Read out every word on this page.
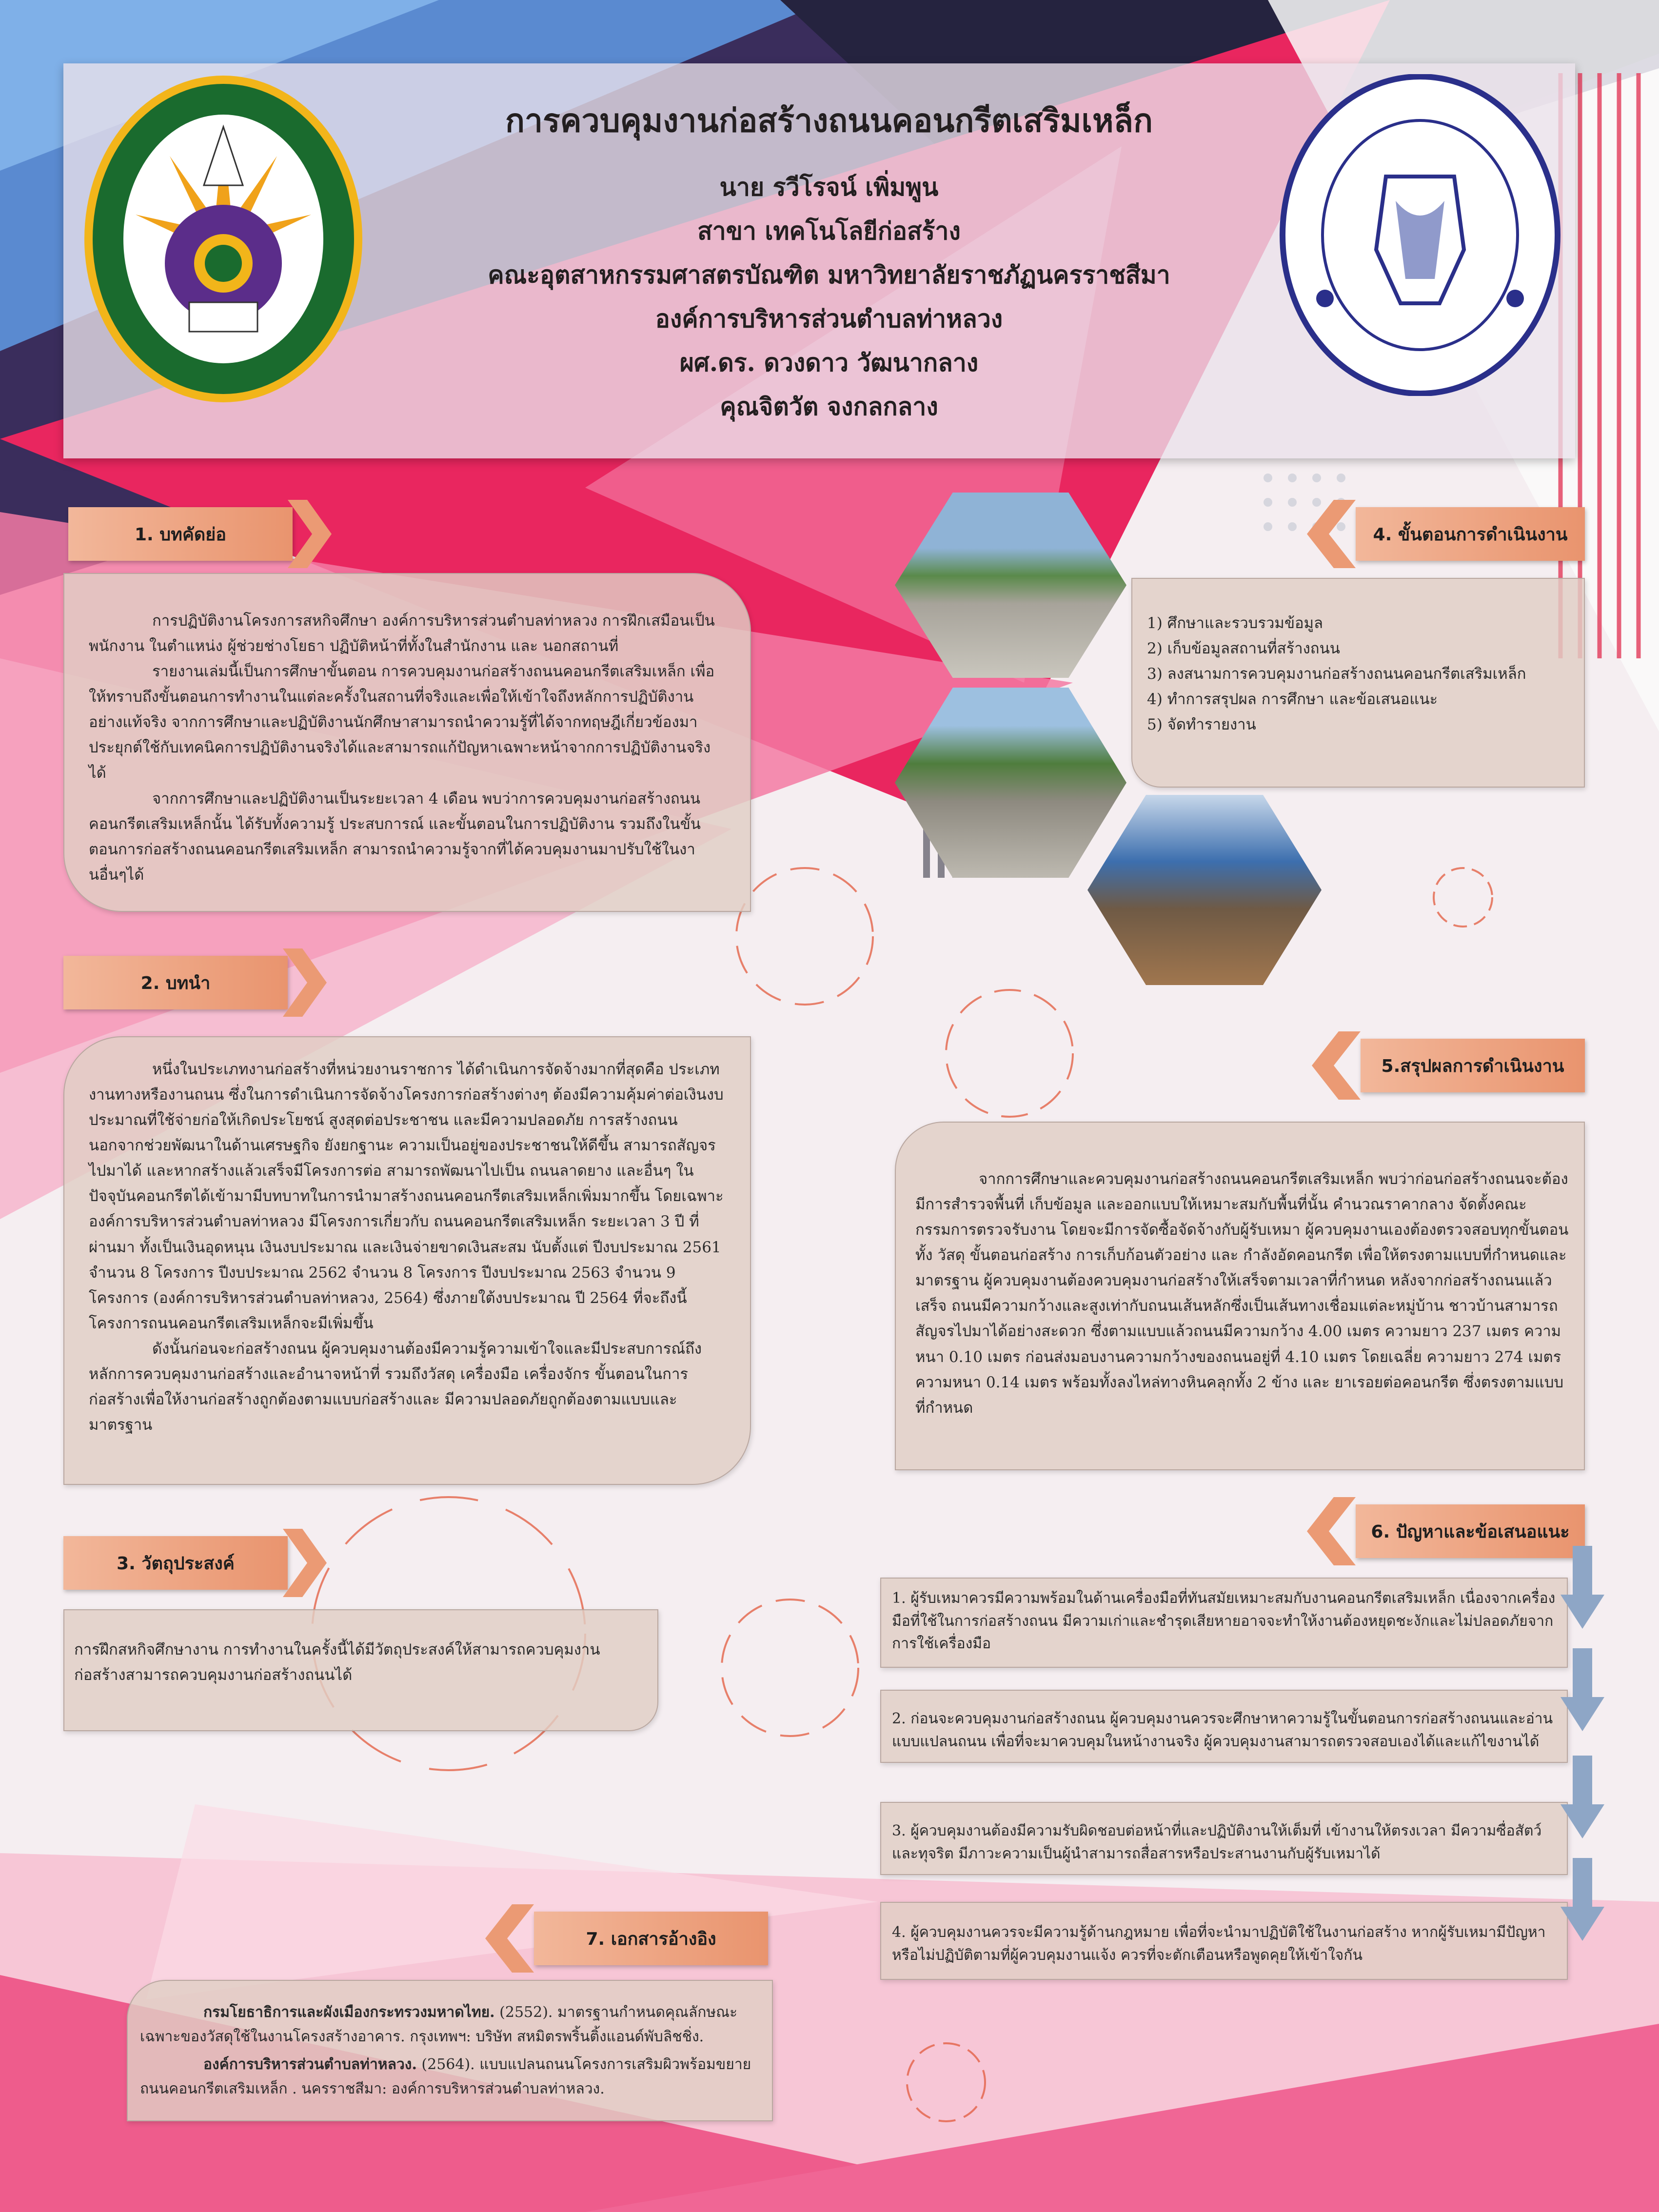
การควบคุมงานก่อสร้างถนนคอนกรีตเสริมเหล็ก
นาย รวีโรจน์ เพิ่มพูน
สาขา เทคโนโลยีก่อสร้าง
คณะอุตสาหกรรมศาสตรบัณฑิต มหาวิทยาลัยราชภัฏนครราชสีมา
องค์การบริหารส่วนตำบลท่าหลวง
ผศ.ดร. ดวงดาว วัฒนากลาง
คุณจิตวัต จงกลกลาง
1. บทคัดย่อ

การปฏิบัติงานโครงการสหกิจศึกษา องค์การบริหารส่วนตำบลท่าหลวง การฝึกเสมือนเป็นพนักงาน ในตำแหน่ง ผู้ช่วยช่างโยธา ปฏิบัติหน้าที่ทั้งในสำนักงาน และ นอกสถานที่

รายงานเล่มนี้เป็นการศึกษาขั้นตอน การควบคุมงานก่อสร้างถนนคอนกรีตเสริมเหล็ก เพื่อให้ทราบถึงขั้นตอนการทำงานในแต่ละครั้งในสถานที่จริงและเพื่อให้เข้าใจถึงหลักการปฏิบัติงานอย่างแท้จริง จากการศึกษาและปฏิบัติงานนักศึกษาสามารถนำความรู้ที่ได้จากทฤษฎีเกี่ยวข้องมาประยุกต์ใช้กับเทคนิคการปฏิบัติงานจริงได้และสามารถแก้ปัญหาเฉพาะหน้าจากการปฏิบัติงานจริงได้

จากการศึกษาและปฏิบัติงานเป็นระยะเวลา 4 เดือน พบว่าการควบคุมงานก่อสร้างถนนคอนกรีตเสริมเหล็กนั้น ได้รับทั้งความรู้ ประสบการณ์ และขั้นตอนในการปฏิบัติงาน รวมถึงในขั้นตอนการก่อสร้างถนนคอนกรีตเสริมเหล็ก สามารถนำความรู้จากที่ได้ควบคุมงานมาปรับใช้ในงานอื่นๆได้

2. บทนำ

หนึ่งในประเภทงานก่อสร้างที่หน่วยงานราชการ ได้ดำเนินการจัดจ้างมากที่สุดคือ ประเภทงานทางหรืองานถนน ซึ่งในการดำเนินการจัดจ้างโครงการก่อสร้างต่างๆ ต้องมีความคุ้มค่าต่อเงินงบประมาณที่ใช้จ่ายก่อให้เกิดประโยชน์ สูงสุดต่อประชาชน และมีความปลอดภัย การสร้างถนนนอกจากช่วยพัฒนาในด้านเศรษฐกิจ ยังยกฐานะ ความเป็นอยู่ของประชาชนให้ดีขึ้น สามารถสัญจรไปมาได้ และหากสร้างแล้วเสร็จมีโครงการต่อ สามารถพัฒนาไปเป็น ถนนลาดยาง และอื่นๆ ในปัจจุบันคอนกรีตได้เข้ามามีบทบาทในการนำมาสร้างถนนคอนกรีตเสริมเหล็กเพิ่มมากขึ้น โดยเฉพาะองค์การบริหารส่วนตำบลท่าหลวง มีโครงการเกี่ยวกับ ถนนคอนกรีตเสริมเหล็ก ระยะเวลา 3 ปี ที่ผ่านมา ทั้งเป็นเงินอุดหนุน เงินงบประมาณ และเงินจ่ายขาดเงินสะสม นับตั้งแต่ ปีงบประมาณ 2561 จำนวน 8 โครงการ ปีงบประมาณ 2562 จำนวน 8 โครงการ ปีงบประมาณ 2563 จำนวน 9 โครงการ (องค์การบริหารส่วนตำบลท่าหลวง, 2564) ซึ่งภายใต้งบประมาณ ปี 2564 ที่จะถึงนี้ โครงการถนนคอนกรีตเสริมเหล็กจะมีเพิ่มขึ้น

ดังนั้นก่อนจะก่อสร้างถนน ผู้ควบคุมงานต้องมีความรู้ความเข้าใจและมีประสบการณ์ถึงหลักการควบคุมงานก่อสร้างและอำนาจหน้าที่ รวมถึงวัสดุ เครื่องมือ เครื่องจักร ขั้นตอนในการก่อสร้างเพื่อให้งานก่อสร้างถูกต้องตามแบบก่อสร้างและ มีความปลอดภัยถูกต้องตามแบบและมาตรฐาน

3. วัตถุประสงค์

การฝึกสหกิจศึกษางาน การทำงานในครั้งนี้ได้มีวัตถุประสงค์ให้สามารถควบคุมงานก่อสร้างสามารถควบคุมงานก่อสร้างถนนได้

4. ขั้นตอนการดำเนินงาน

1) ศึกษาและรวบรวมข้อมูล

2) เก็บข้อมูลสถานที่สร้างถนน

3) ลงสนามการควบคุมงานก่อสร้างถนนคอนกรีตเสริมเหล็ก

4) ทำการสรุปผล การศึกษา และข้อเสนอแนะ

5) จัดทำรายงาน

5.สรุปผลการดำเนินงาน

จากการศึกษาและควบคุมงานก่อสร้างถนนคอนกรีตเสริมเหล็ก พบว่าก่อนก่อสร้างถนนจะต้องมีการสำรวจพื้นที่ เก็บข้อมูล และออกแบบให้เหมาะสมกับพื้นที่นั้น คำนวณราคากลาง จัดตั้งคณะกรรมการตรวจรับงาน โดยจะมีการจัดซื้อจัดจ้างกับผู้รับเหมา ผู้ควบคุมงานเองต้องตรวจสอบทุกขั้นตอนทั้ง วัสดุ ขั้นตอนก่อสร้าง การเก็บก้อนตัวอย่าง และ กำลังอัดคอนกรีต เพื่อให้ตรงตามแบบที่กำหนดและมาตรฐาน ผู้ควบคุมงานต้องควบคุมงานก่อสร้างให้เสร็จตามเวลาที่กำหนด หลังจากก่อสร้างถนนแล้วเสร็จ ถนนมีความกว้างและสูงเท่ากับถนนเส้นหลักซึ่งเป็นเส้นทางเชื่อมแต่ละหมู่บ้าน ชาวบ้านสามารถสัญจรไปมาได้อย่างสะดวก ซึ่งตามแบบแล้วถนนมีความกว้าง 4.00 เมตร ความยาว 237 เมตร ความหนา 0.10 เมตร ก่อนส่งมอบงานความกว้างของถนนอยู่ที่ 4.10 เมตร โดยเฉลี่ย ความยาว 274 เมตร ความหนา 0.14 เมตร พร้อมทั้งลงไหล่ทางหินคลุกทั้ง 2 ข้าง และ ยาเรอยต่อคอนกรีต ซึ่งตรงตามแบบที่กำหนด

6. ปัญหาและข้อเสนอแนะ

1. ผู้รับเหมาควรมีความพร้อมในด้านเครื่องมือที่ทันสมัยเหมาะสมกับงานคอนกรีตเสริมเหล็ก เนื่องจากเครื่องมือที่ใช้ในการก่อสร้างถนน มีความเก่าและชำรุดเสียหายอาจจะทำให้งานต้องหยุดชะงักและไม่ปลอดภัยจากการใช้เครื่องมือ

2. ก่อนจะควบคุมงานก่อสร้างถนน ผู้ควบคุมงานควรจะศึกษาหาความรู้ในขั้นตอนการก่อสร้างถนนและอ่านแบบแปลนถนน เพื่อที่จะมาควบคุมในหน้างานจริง ผู้ควบคุมงานสามารถตรวจสอบเองได้และแก้ไขงานได้

3. ผู้ควบคุมงานต้องมีความรับผิดชอบต่อหน้าที่และปฏิบัติงานให้เต็มที่ เข้างานให้ตรงเวลา มีความซื่อสัตว์และทุจริต มีภาวะความเป็นผู้นำสามารถสื่อสารหรือประสานงานกับผู้รับเหมาได้

4. ผู้ควบคุมงานควรจะมีความรู้ด้านกฎหมาย เพื่อที่จะนำมาปฏิบัติใช้ในงานก่อสร้าง หากผู้รับเหมามีปัญหาหรือไม่ปฏิบัติตามที่ผู้ควบคุมงานแจ้ง ควรที่จะตักเตือนหรือพูดคุยให้เข้าใจกัน

7. เอกสารอ้างอิง

กรมโยธาธิการและผังเมืองกระทรวงมหาดไทย. (2552). มาตรฐานกำหนดคุณลักษณะเฉพาะของวัสดุใช้ในงานโครงสร้างอาคาร. กรุงเทพฯ: บริษัท สหมิตรพริ้นติ้งแอนด์พับลิชชิ่ง.

องค์การบริหารส่วนตำบลท่าหลวง. (2564). แบบแปลนถนนโครงการเสริมผิวพร้อมขยายถนนคอนกรีตเสริมเหล็ก . นครราชสีมา: องค์การบริหารส่วนตำบลท่าหลวง.
